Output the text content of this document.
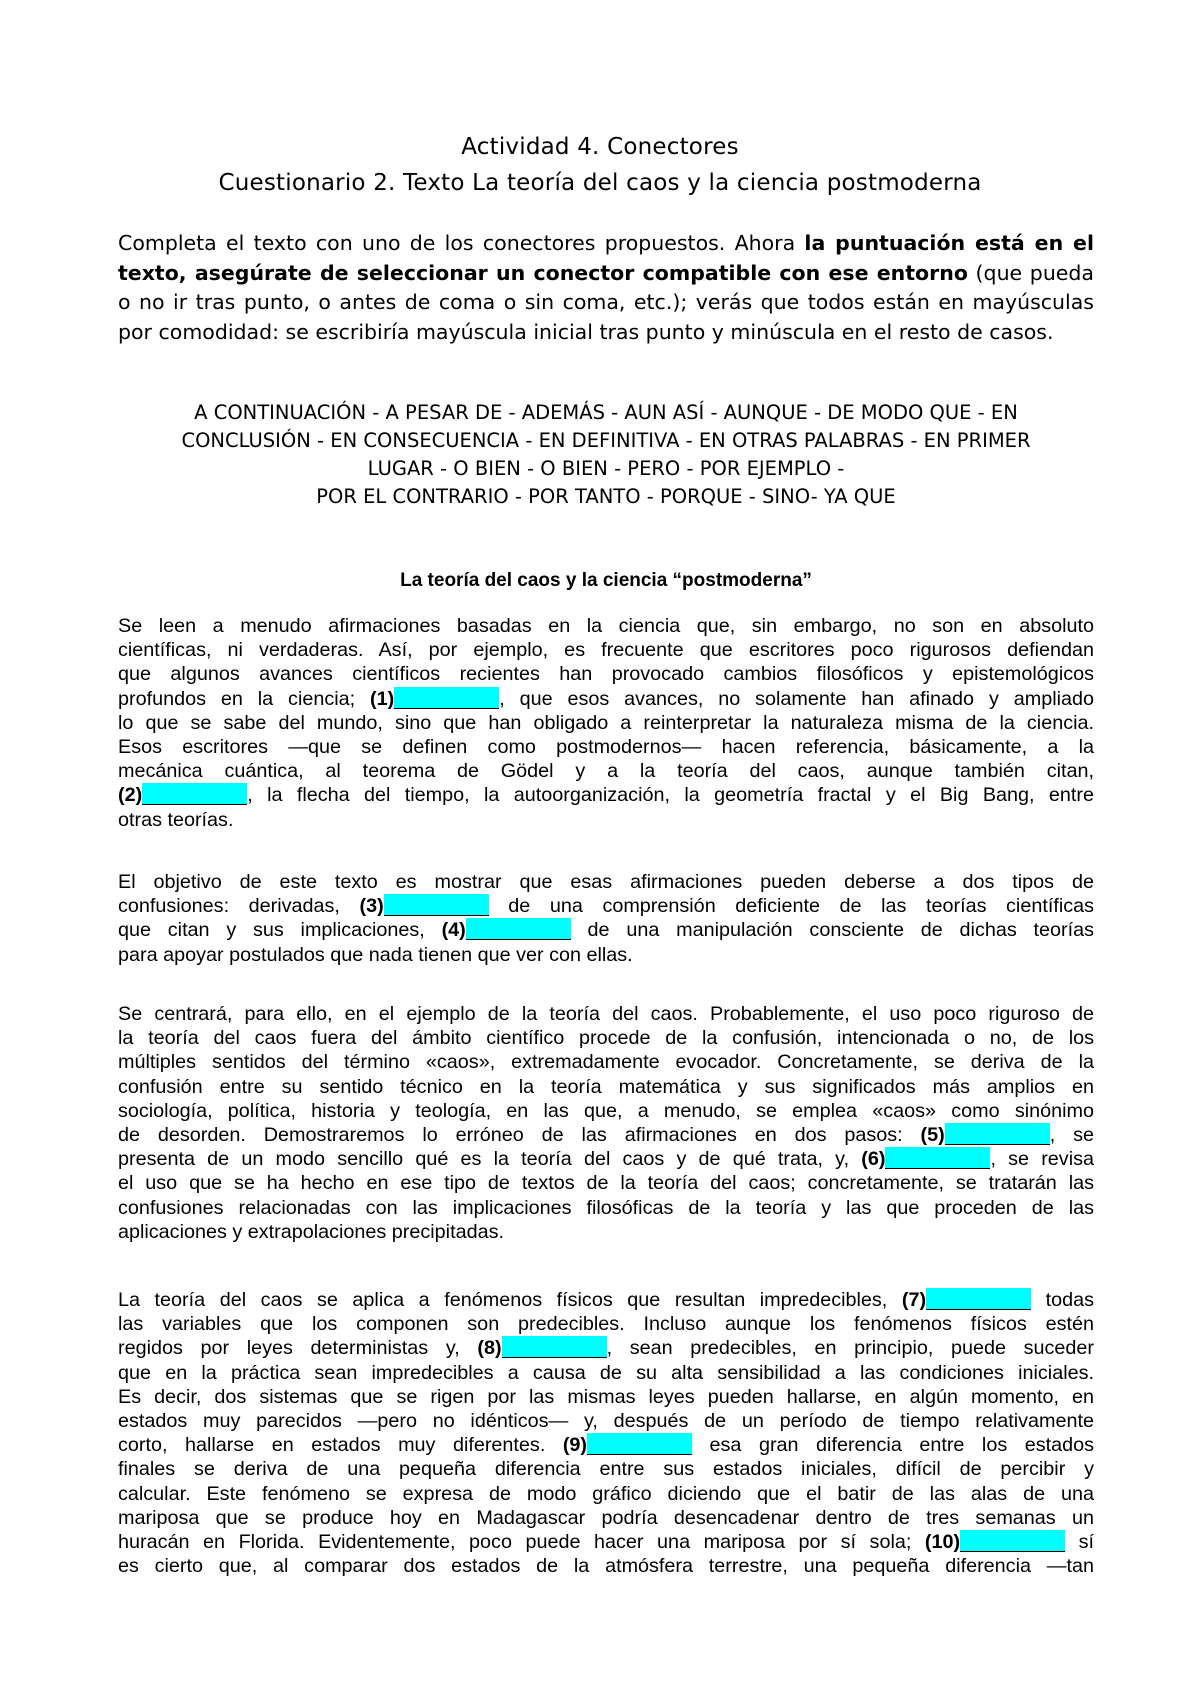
Actividad 4. Conectores
Cuestionario 2. Texto La teoría del caos y la ciencia postmoderna
Completa el texto con uno de los conectores propuestos. Ahora la puntuación está en el texto, asegúrate de seleccionar un conector compatible con ese entorno (que pueda o no ir tras punto, o antes de coma o sin coma, etc.); verás que todos están en mayúsculas por comodidad: se escribiría mayúscula inicial tras punto y minúscula en el resto de casos.
A CONTINUACIÓN - A PESAR DE - ADEMÁS - AUN ASÍ - AUNQUE - DE MODO QUE - EN
CONCLUSIÓN - EN CONSECUENCIA - EN DEFINITIVA - EN OTRAS PALABRAS - EN PRIMER
LUGAR - O BIEN - O BIEN - PERO - POR EJEMPLO -
POR EL CONTRARIO - POR TANTO - PORQUE - SINO- YA QUE
La teoría del caos y la ciencia “postmoderna”
Se leen a menudo afirmaciones basadas en la ciencia que, sin embargo, no son en absoluto
científicas, ni verdaderas. Así, por ejemplo, es frecuente que escritores poco rigurosos defiendan
que algunos avances científicos recientes han provocado cambios filosóficos y epistemológicos
profundos en la ciencia; (1)	, que esos avances, no solamente han afinado y ampliado
lo que se sabe del mundo, sino que han obligado a reinterpretar la naturaleza misma de la ciencia.
Esos escritores —que se definen como postmodernos— hacen referencia, básicamente, a la
mecánica cuántica, al teorema de Gödel y a la teoría del caos, aunque también citan,
(2)	, la flecha del tiempo, la autoorganización, la geometría fractal y el Big Bang, entre
otras teorías.
El objetivo de este texto es mostrar que esas afirmaciones pueden deberse a dos tipos de
confusiones: derivadas, (3)	de una comprensión deficiente de las teorías científicas
que citan y sus implicaciones, (4)	de una manipulación consciente de dichas teorías
para apoyar postulados que nada tienen que ver con ellas.
Se centrará, para ello, en el ejemplo de la teoría del caos. Probablemente, el uso poco riguroso de
la teoría del caos fuera del ámbito científico procede de la confusión, intencionada o no, de los
múltiples sentidos del término «caos», extremadamente evocador. Concretamente, se deriva de la
confusión entre su sentido técnico en la teoría matemática y sus significados más amplios en
sociología, política, historia y teología, en las que, a menudo, se emplea «caos» como sinónimo
de desorden. Demostraremos lo erróneo de las afirmaciones en dos pasos: (5)	, se
presenta de un modo sencillo qué es la teoría del caos y de qué trata, y, (6)	, se revisa
el uso que se ha hecho en ese tipo de textos de la teoría del caos; concretamente, se tratarán las
confusiones relacionadas con las implicaciones filosóficas de la teoría y las que proceden de las
aplicaciones y extrapolaciones precipitadas.
La teoría del caos se aplica a fenómenos físicos que resultan impredecibles, (7)	todas
las variables que los componen son predecibles. Incluso aunque los fenómenos físicos estén
regidos por leyes deterministas y, (8)	, sean predecibles, en principio, puede suceder
que en la práctica sean impredecibles a causa de su alta sensibilidad a las condiciones iniciales.
Es decir, dos sistemas que se rigen por las mismas leyes pueden hallarse, en algún momento, en
estados muy parecidos —pero no idénticos— y, después de un período de tiempo relativamente
corto, hallarse en estados muy diferentes. (9)	esa gran diferencia entre los estados
finales se deriva de una pequeña diferencia entre sus estados iniciales, difícil de percibir y
calcular. Este fenómeno se expresa de modo gráfico diciendo que el batir de las alas de una
mariposa que se produce hoy en Madagascar podría desencadenar dentro de tres semanas un
huracán en Florida. Evidentemente, poco puede hacer una mariposa por sí sola; (10)	sí
es cierto que, al comparar dos estados de la atmósfera terrestre, una pequeña diferencia —tan
